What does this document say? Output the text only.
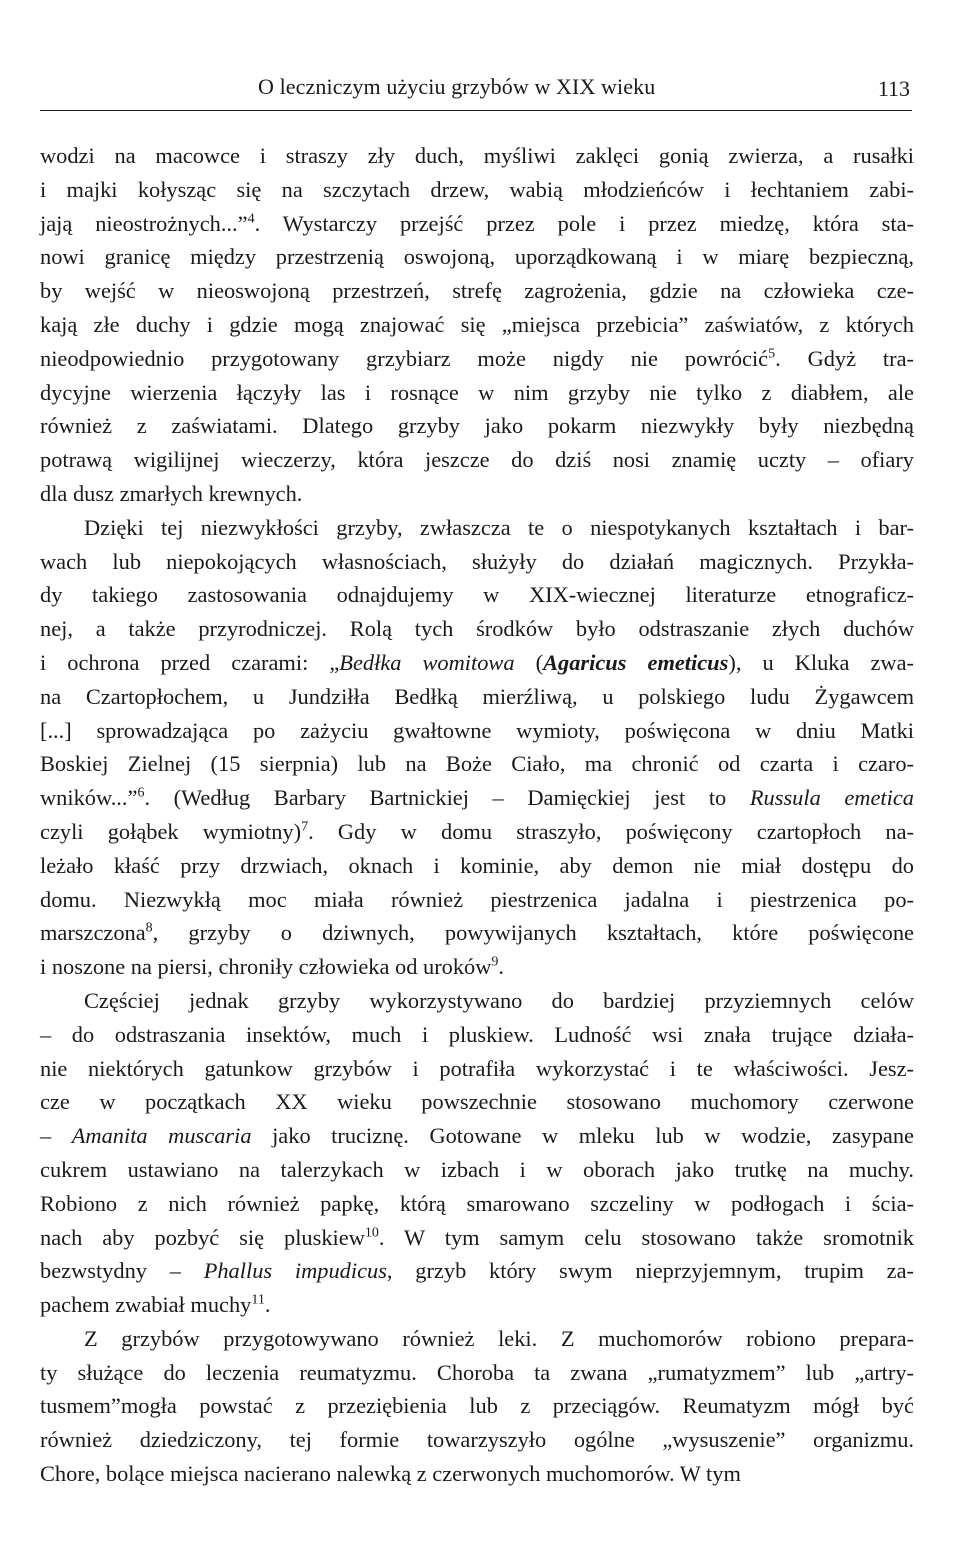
O leczniczym użyciu grzybów w XIX wieku	113
wodzi na macowce i straszy zły duch, myśliwi zaklęci gonią zwierza, a rusałki
i majki kołysząc się na szczytach drzew, wabią młodzieńców i łechtaniem zabi-
jają nieostrożnych...”$^4$. Wystarczy przejść przez pole i przez miedzę, która sta-
nowi granicę między przestrzenią oswojoną, uporządkowaną i w miarę bezpieczną,
by wejść w nieoswojoną przestrzeń, strefę zagrożenia, gdzie na człowieka cze-
kają złe duchy i gdzie mogą znajować się „miejsca przebicia” zaświatów, z których
nieodpowiednio przygotowany grzybiarz może nigdy nie powrócić$^5$. Gdyż tra-
dycyjne wierzenia łączyły las i rosnące w nim grzyby nie tylko z diabłem, ale
również z zaświatami. Dlatego grzyby jako pokarm niezwykły były niezbędną
potrawą wigilijnej wieczerzy, która jeszcze do dziś nosi znamię uczty – ofiary
dla dusz zmarłych krewnych.
Dzięki tej niezwykłości grzyby, zwłaszcza te o niespotykanych kształtach i bar-
wach lub niepokojących własnościach, służyły do działań magicznych. Przykła-
dy takiego zastosowania odnajdujemy w XIX-wiecznej literaturze etnograficz-
nej, a także przyrodniczej. Rolą tych środków było odstraszanie złych duchów
i ochrona przed czarami: „Bedłka womitowa (Agaricus emeticus), u Kluka zwa-
na Czartopłochem, u Jundziłła Bedłką mierźliwą, u polskiego ludu Żygawcem
[...] sprowadzająca po zażyciu gwałtowne wymioty, poświęcona w dniu Matki
Boskiej Zielnej (15 sierpnia) lub na Boże Ciało, ma chronić od czarta i czaro-
wników...”$^6$. (Według Barbary Bartnickiej – Damięckiej jest to Russula emetica
czyli gołąbek wymiotny)$^7$. Gdy w domu straszyło, poświęcony czartopłoch na-
leżało kłaść przy drzwiach, oknach i kominie, aby demon nie miał dostępu do
domu. Niezwykłą moc miała również piestrzenica jadalna i piestrzenica po-
marszczona$^8$, grzyby o dziwnych, powywijanych kształtach, które poświęcone
i noszone na piersi, chroniły człowieka od uroków$^9$.
Częściej jednak grzyby wykorzystywano do bardziej przyziemnych celów
– do odstraszania insektów, much i pluskiew. Ludność wsi znała trujące działa-
nie niektórych gatunkow grzybów i potrafiła wykorzystać i te właściwości. Jesz-
cze w początkach XX wieku powszechnie stosowano muchomory czerwone
– Amanita muscaria jako truciznę. Gotowane w mleku lub w wodzie, zasypane
cukrem ustawiano na talerzykach w izbach i w oborach jako trutkę na muchy.
Robiono z nich również papkę, którą smarowano szczeliny w podłogach i ścia-
nach aby pozbyć się pluskiew$^{10}$. W tym samym celu stosowano także sromotnik
bezwstydny – Phallus impudicus, grzyb który swym nieprzyjemnym, trupim za-
pachem zwabiał muchy$^{11}$.
Z grzybów przygotowywano również leki. Z muchomorów robiono prepara-
ty służące do leczenia reumatyzmu. Choroba ta zwana „rumatyzmem” lub „artry-
tusmem”mogła powstać z przeziębienia lub z przeciągów. Reumatyzm mógł być
również dziedziczony, tej formie towarzyszyło ogólne „wysuszenie” organizmu.
Chore, bolące miejsca nacierano nalewką z czerwonych muchomorów. W tym
